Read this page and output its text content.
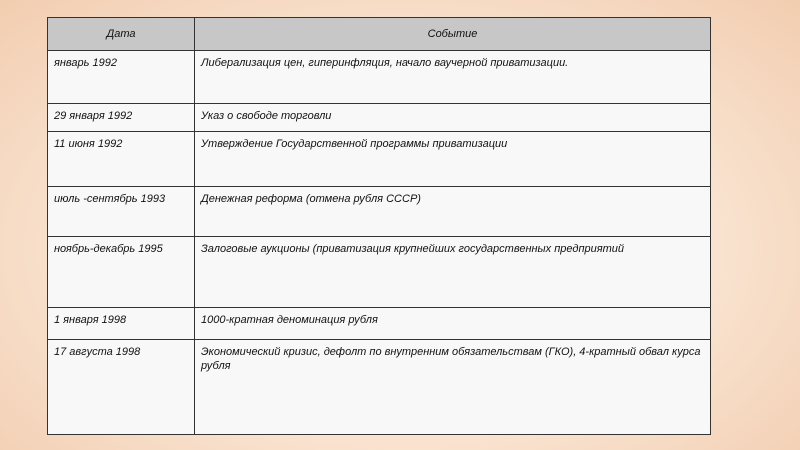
Дата	Событие
январь 1992	Либерализация цен, гиперинфляция, начало ваучерной приватизации.
29 января 1992	Указ о свободе торговли
11 июня 1992	Утверждение Государственной программы приватизации
июль -сентябрь 1993	Денежная реформа (отмена рубля СССР)
ноябрь-декабрь 1995	Залоговые аукционы (приватизация крупнейших государственных предприятий
1 января 1998	1000-кратная деноминация рубля
17 августа 1998	Экономический кризис, дефолт по внутренним обязательствам (ГКО), 4-кратный обвал курса рубля
